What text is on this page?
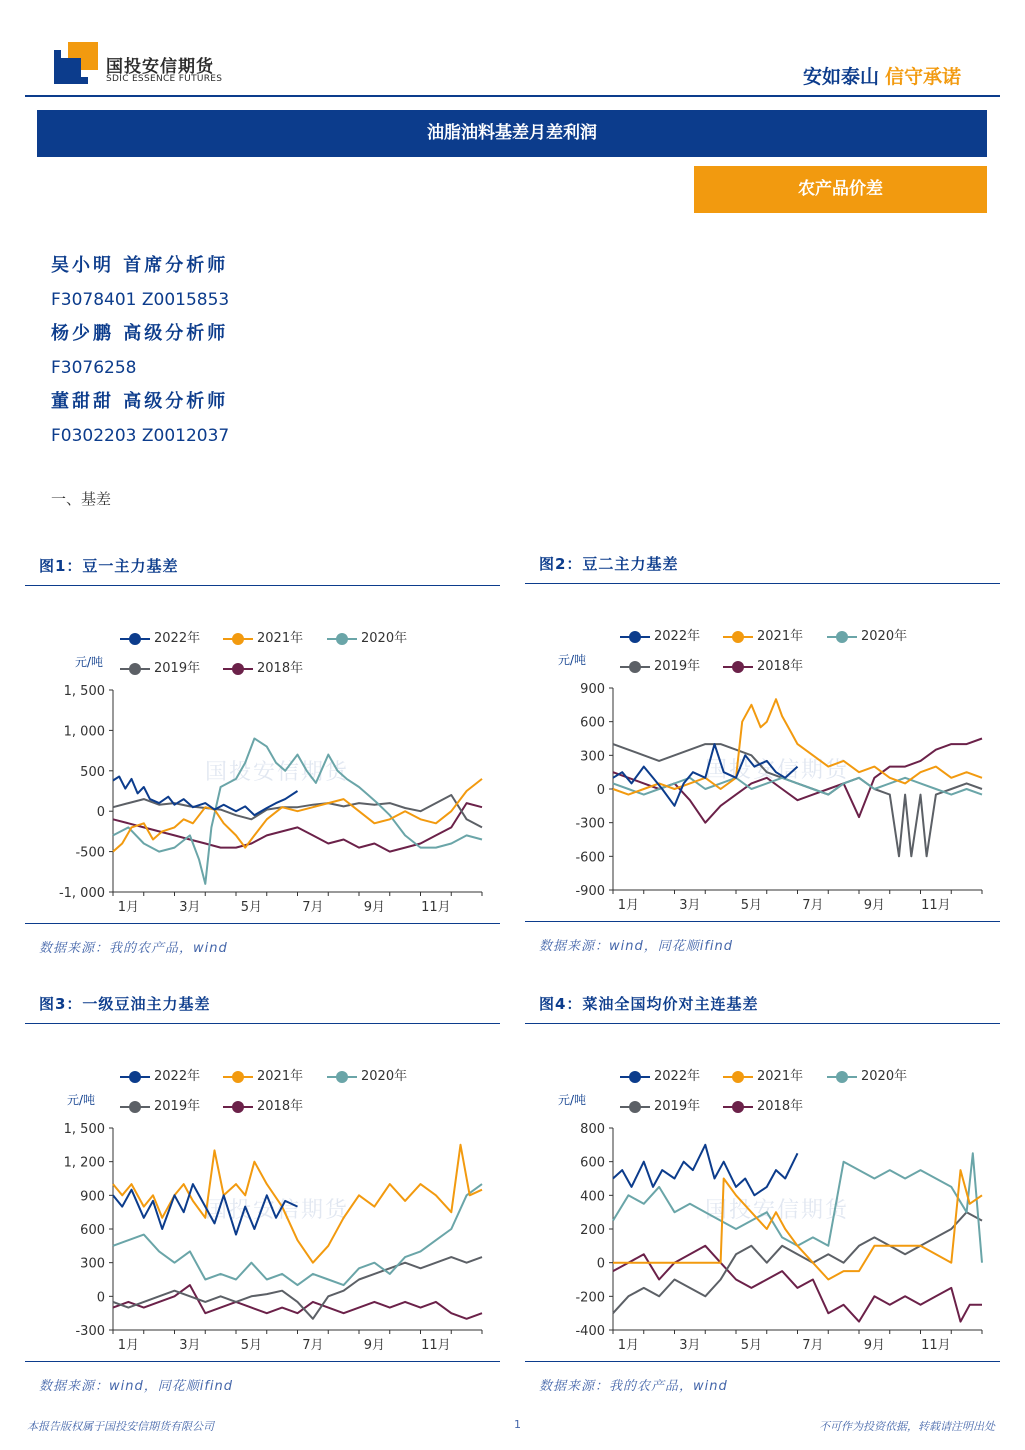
国投安信期货
SDIC ESSENCE FUTURES	安如泰山 信守承诺
油脂油料基差月差利润
农产品价差
吴小明 首席分析师
F3078401 Z0015853
杨少鹏 高级分析师
F3076258
董甜甜 高级分析师
F0302203 Z0012037
一、基差
图1：豆一主力基差
2022年	2021年	2020年
2019年	2018年
元/吨
国投安信期货
1, 500
1, 000
500
0
-500
-1, 000
1月	3月	5月	7月	9月	11月
数据来源：我的农产品，wind
图2：豆二主力基差
2022年	2021年	2020年
2019年	2018年
元/吨
国投安信期货
900
600
300
0
-300
-600
-900
1月	3月	5月	7月	9月	11月
数据来源：wind，同花顺ifind
图3：一级豆油主力基差
2022年	2021年	2020年
2019年	2018年
元/吨
国投安信期货
1, 500
1, 200
900
600
300
0
-300
1月	3月	5月	7月	9月	11月
数据来源：wind，同花顺ifind
图4：菜油全国均价对主连基差
2022年	2021年	2020年
2019年	2018年
元/吨
国投安信期货
800
600
400
200
0
-200
-400
1月	3月	5月	7月	9月	11月
数据来源：我的农产品，wind
本报告版权属于国投安信期货有限公司	1	不可作为投资依据，转载请注明出处
